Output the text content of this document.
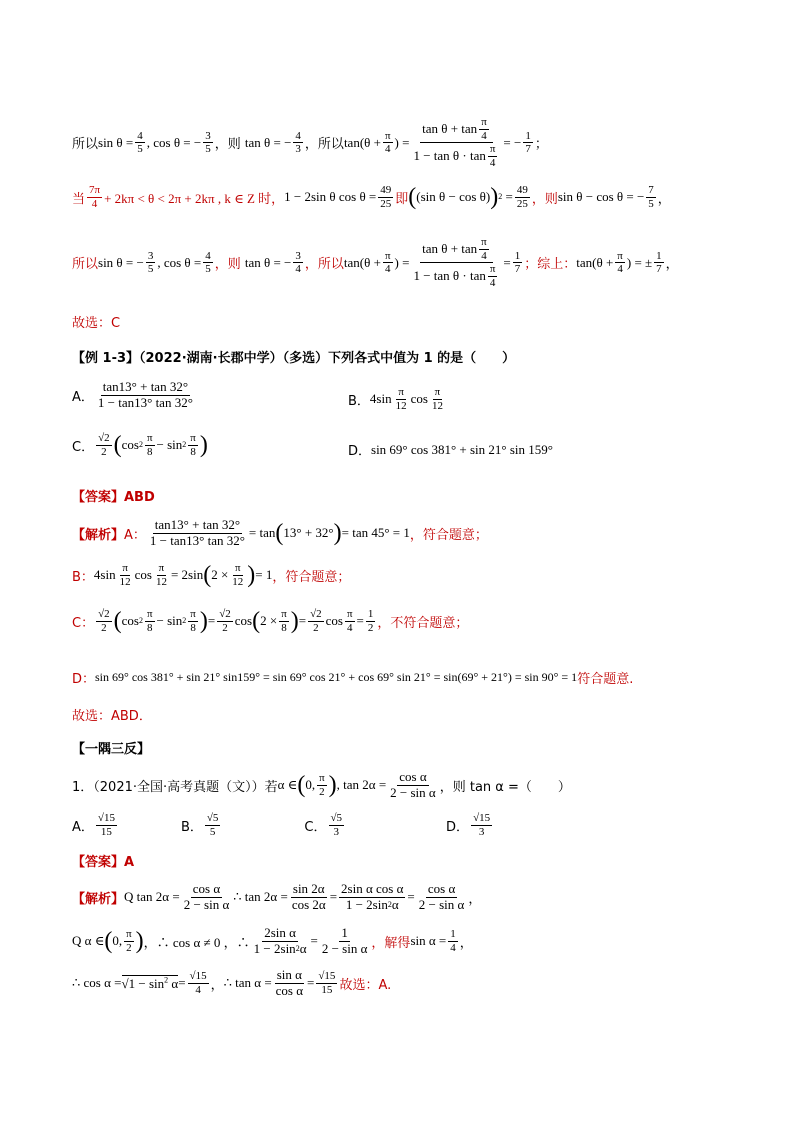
所以 $\sin \theta = \frac{4}{5}$ , cos θ = − $\frac{3}{5}$ ，则 tan θ = − $\frac{4}{3}$ ， 所以 $\tan(\theta + \frac{\pi}{4}$ ) = $\frac{\tan \theta + \tan \frac{\pi}{4}}{1 - \tan \theta \cdot \tan \frac{\pi}{4}}$ = − $\frac{1}{7}$ ；
当 $\frac{7\pi}{4} + 2k\pi < \theta < 2\pi + 2k\pi$ , k ∈ Z 时， 1 − 2sin θ $\cos \theta = \frac{49}{25}$ 即 ( (sin θ − cos θ) ) $2 = \frac{49}{25}$ ，则 sin θ − cos θ = − $\frac{7}{5}$ ，
所以 sin θ = − $\frac{3}{5}$ , $\cos \theta = \frac{4}{5}$ ，则 tan θ = − $\frac{3}{4}$ ， 所以 $\tan(\theta + \frac{\pi}{4}$ ) = $\frac{\tan \theta + \tan \frac{\pi}{4}}{1 - \tan \theta \cdot \tan \frac{\pi}{4}} = \frac{1}{7}$ ；综上： $\tan(\theta + \frac{\pi}{4}$ ) = ± $\frac{1}{7}$ ，
故选：C
【例 1-3】（2022·湖南·长郡中学）（多选）下列各式中值为 1 的是（　　）
A． $\frac{\tan 13^\circ + \tan 32^\circ}{1 - \tan 13^\circ \tan 32^\circ}$	B． $4\sin \frac{\pi}{12}$ $\cos \frac{\pi}{12}$
C． $\frac{√2}{2}$ ( $\cos 2 \frac{\pi}{8} - \sin 2 \frac{\pi}{8}$ )	D． sin 69° cos 381° + sin 21° sin 159°
【答案】ABD
【解析】 A： $\frac{\tan 13^\circ + \tan 32^\circ}{1 - \tan 13^\circ \tan 32^\circ} = \tan$ ( 13° + 32° ) = tan 45° = 1 ，符合题意；
B： $4\sin \frac{\pi}{12}$ $\cos \frac{\pi}{12} = 2\sin$ ( $2 \times \frac{\pi}{12}$ ) = 1 ，符合题意；
C： $\frac{√2}{2}$ ( $\cos 2 \frac{\pi}{8} - \sin 2 \frac{\pi}{8}$ ) = $\frac{√2}{2}$ cos ( $2 \times \frac{\pi}{8}$ ) = $\frac{√2}{2}$ $\cos \frac{\pi}{4} = \frac{1}{2}$ ，不符合题意；
D： sin 69° cos 381° + sin 21° sin159° = sin 69° cos 21° + cos 69° sin 21° = sin(69° + 21°) = sin 90° = 1 符合题意.
故选：ABD．
【一隅三反】
1．（2021·全国·高考真题（文））若 α ∈ ( 0, $\frac{\pi}{2}$ ) , $\tan 2\alpha = \frac{\text{cos α}}{\text{2 − sin α}}$ ，则 tan α =（　　）
A． $\frac{√15}{15}$	B． $\frac{√5}{5}$	C． $\frac{√5}{3}$	D． $\frac{√15}{3}$
【答案】A
【解析】 Q $\tan 2\alpha = \frac{\text{cos α}}{\text{2 − sin α}}$ ∴ $\tan 2\alpha = \frac{\sin 2\alpha}{\cos 2\alpha} = \frac{\text{2sin α cos α}}{1 - 2\sin 2 \alpha} = \frac{\text{cos α}}{\text{2 − sin α}}$ ，
Q α ∈ ( 0, $\frac{\pi}{2}$ ) ，∴ cos α ≠ 0 ，∴ $\frac{\text{2sin α}}{1 - 2\sin 2 \alpha} = \frac{1}{\text{2 − sin α}}$ ，解得 $\sin \alpha = \frac{1}{4}$ ，
∴ $\cos \alpha = √1 - \sin^2 \alpha = \frac{√15}{4}$ ， ∴ $\tan \alpha = \frac{\text{sin α}}{\text{cos α}} = \frac{√15}{15}$ 故选：A.
